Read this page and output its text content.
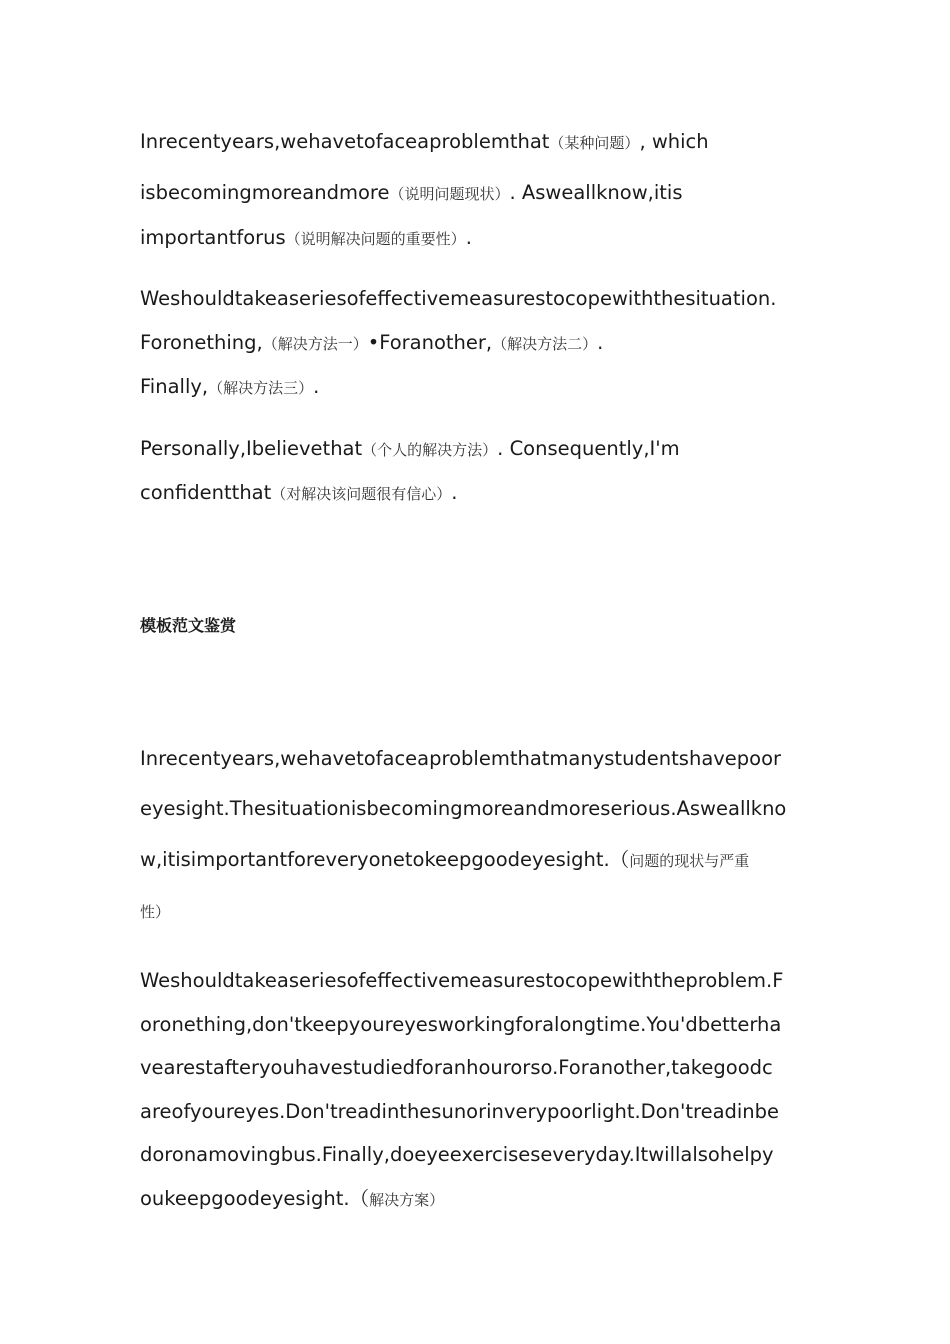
Inrecentyears,wehavetofaceaproblemthat（某种问题）, which
isbecomingmoreandmore（说明问题现状）. Asweallknow,itis
importantforus（说明解决问题的重要性）.
Weshouldtakeaseriesofeffectivemeasurestocopewiththesituation.
Foronething,（解决方法一）•Foranother,（解决方法二）.
Finally,（解决方法三）.
Personally,Ibelievethat（个人的解决方法）. Consequently,I'm
confidentthat（对解决该问题很有信心）.
模板范文鉴赏
Inrecentyears,wehavetofaceaproblemthatmanystudentshavepoor
eyesight.Thesituationisbecomingmoreandmoreserious.Asweallkno
w,itisimportantforeveryonetokeepgoodeyesight.（问题的现状与严重
性）
Weshouldtakeaseriesofeffectivemeasurestocopewiththeproblem.F
oronething,don'tkeepyoureyesworkingforalongtime.You'dbetterha
vearestafteryouhavestudiedforanhourorso.Foranother,takegoodc
areofyoureyes.Don'treadinthesunorinverypoorlight.Don'treadinbe
doronamovingbus.Finally,doeyeexerciseseveryday.Itwillalsohelpy
oukeepgoodeyesight.（解决方案）
